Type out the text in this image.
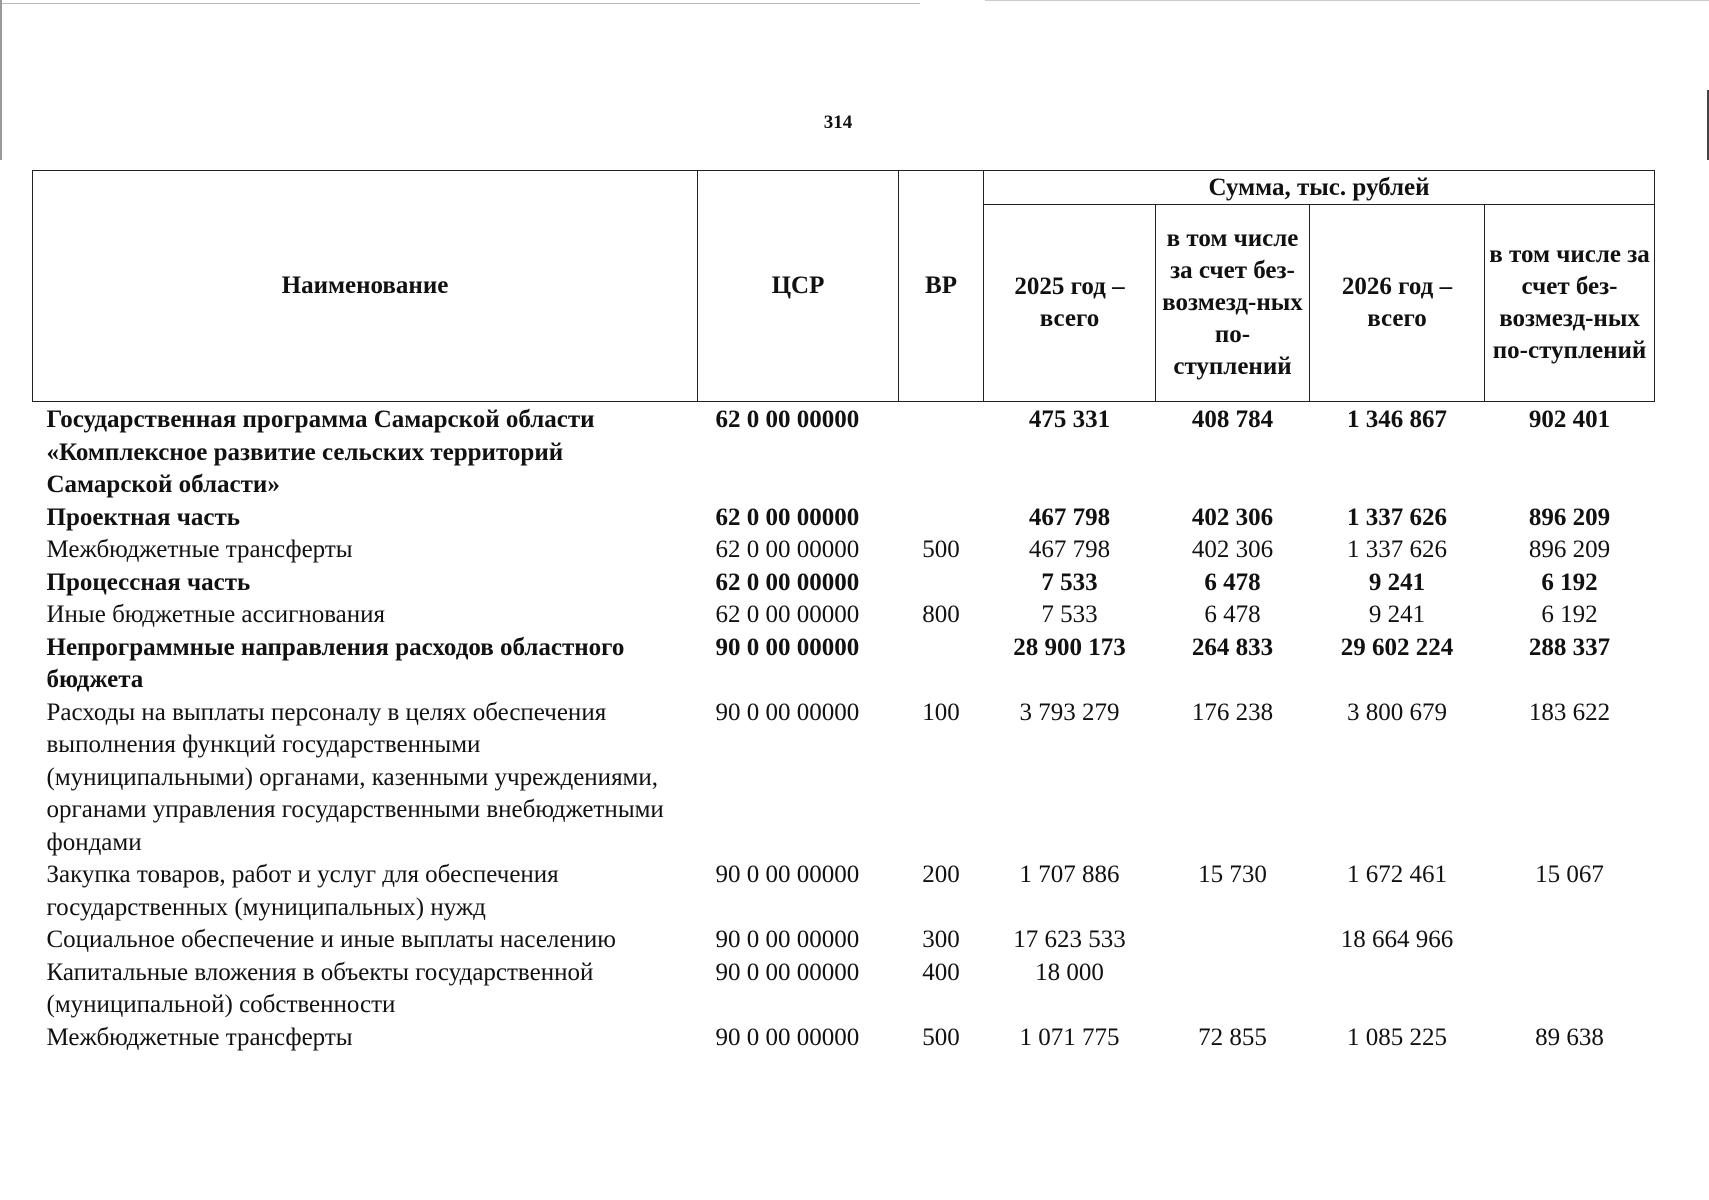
314
Наименование	ЦСР	ВР	Сумма, тыс. рублей			
			2025 год – всего	в том числе за счет без-возмезд-ных по-ступлений	2026 год – всего	в том числе за счет без-возмезд-ных по-ступлений
Государственная программа Самарской области «Комплексное развитие сельских территорий Самарской области»	62 0 00 00000		475 331	408 784	1 346 867	902 401
Проектная часть	62 0 00 00000		467 798	402 306	1 337 626	896 209
Межбюджетные трансферты	62 0 00 00000	500	467 798	402 306	1 337 626	896 209
Процессная часть	62 0 00 00000		7 533	6 478	9 241	6 192
Иные бюджетные ассигнования	62 0 00 00000	800	7 533	6 478	9 241	6 192
Непрограммные направления расходов областного бюджета	90 0 00 00000		28 900 173	264 833	29 602 224	288 337
Расходы на выплаты персоналу в целях обеспечения выполнения функций государственными (муниципальными) органами, казенными учреждениями, органами управления государственными внебюджетными фондами	90 0 00 00000	100	3 793 279	176 238	3 800 679	183 622
Закупка товаров, работ и услуг для обеспечения государственных (муниципальных) нужд	90 0 00 00000	200	1 707 886	15 730	1 672 461	15 067
Социальное обеспечение и иные выплаты населению	90 0 00 00000	300	17 623 533		18 664 966	
Капитальные вложения в объекты государственной (муниципальной) собственности	90 0 00 00000	400	18 000			
Межбюджетные трансферты	90 0 00 00000	500	1 071 775	72 855	1 085 225	89 638
